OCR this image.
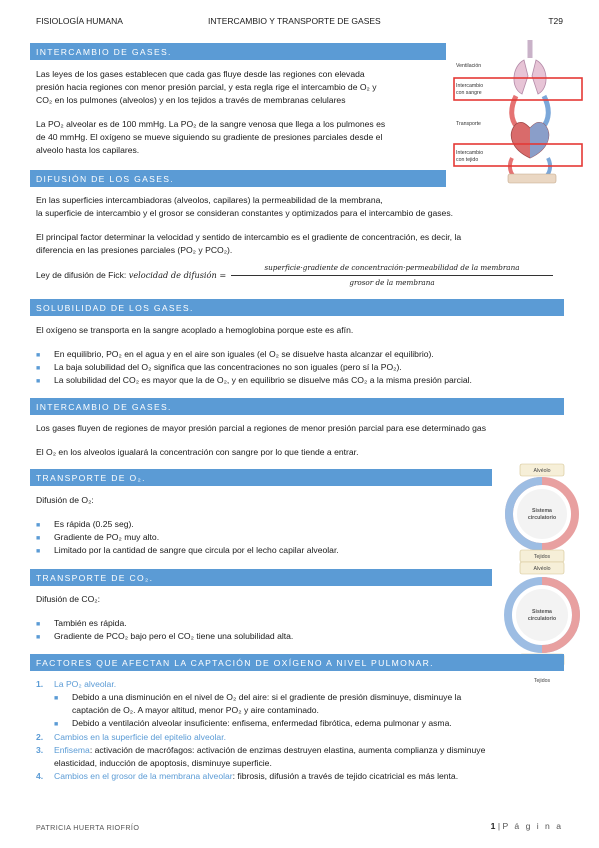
FISIOLOGÍA HUMANA	INTERCAMBIO Y TRANSPORTE DE GASES	T29
INTERCAMBIO DE GASES.
Las leyes de los gases establecen que cada gas fluye desde las regiones con elevada
presión hacia regiones con menor presión parcial, y esta regla rige el intercambio de O₂ y
CO₂ en los pulmones (alveolos) y en los tejidos a través de membranas celulares
La PO₂ alveolar es de 100 mmHg. La PO₂ de la sangre venosa que llega a los pulmones es
de 40 mmHg. El oxígeno se mueve siguiendo su gradiente de presiones parciales desde el
alveolo hasta los capilares.
Ventilación
Intercambio
con sangre
Transporte
Intercambio
con tejido
DIFUSIÓN DE LOS GASES.
En las superficies intercambiadoras (alveolos, capilares) la permeabilidad de la membrana,
la superficie de intercambio y el grosor se consideran constantes y optimizados para el intercambio de gases.
El principal factor determinar la velocidad y sentido de intercambio es el gradiente de concentración, es decir, la
diferencia en las presiones parciales (PO₂ y PCO₂).
Ley de difusión de Fick: velocidad de difusión =
superficie·gradiente de concentración·permeabilidad de la membrana
grosor de la membrana
SOLUBILIDAD DE LOS GASES.
El oxígeno se transporta en la sangre acoplado a hemoglobina porque este es afín.
■ En equilibrio, PO₂ en el agua y en el aire son iguales (el O₂ se disuelve hasta alcanzar el equilibrio).
■ La baja solubilidad del O₂ significa que las concentraciones no son iguales (pero sí la PO₂).
■ La solubilidad del CO₂ es mayor que la de O₂, y en equilibrio se disuelve más CO₂ a la misma presión parcial.
INTERCAMBIO DE GASES.
Los gases fluyen de regiones de mayor presión parcial a regiones de menor presión parcial para ese determinado gas
El O₂ en los alveolos igualará la concentración con sangre por lo que tiende a entrar.
TRANSPORTE DE O₂.
Difusión de O₂:
■ Es rápida (0.25 seg).
■ Gradiente de PO₂ muy alto.
■ Limitado por la cantidad de sangre que circula por el lecho capilar alveolar.
Alvéolo
Sistema
circulatorio
Tejidos
TRANSPORTE DE CO₂.
Difusión de CO₂:
■ También es rápida.
■ Gradiente de PCO₂ bajo pero el CO₂ tiene una solubilidad alta.
Alvéolo
Sistema
circulatorio
Tejidos
FACTORES QUE AFECTAN LA CAPTACIÓN DE OXÍGENO A NIVEL PULMONAR.
1. La PO₂ alveolar.
■ Debido a una disminución en el nivel de O₂ del aire: si el gradiente de presión disminuye, disminuye la
captación de O₂. A mayor altitud, menor PO₂ y aire contaminado.
■ Debido a ventilación alveolar insuficiente: enfisema, enfermedad fibrótica, edema pulmonar y asma.
2. Cambios en la superficie del epitelio alveolar.
3. Enfisema: activación de macrófagos: activación de enzimas destruyen elastina, aumenta complianza y disminuye
elasticidad, inducción de apoptosis, disminuye superficie.
4. Cambios en el grosor de la membrana alveolar: fibrosis, difusión a través de tejido cicatricial es más lenta.
PATRICIA HUERTA RIOFRÍO	1 | P á g i n a
